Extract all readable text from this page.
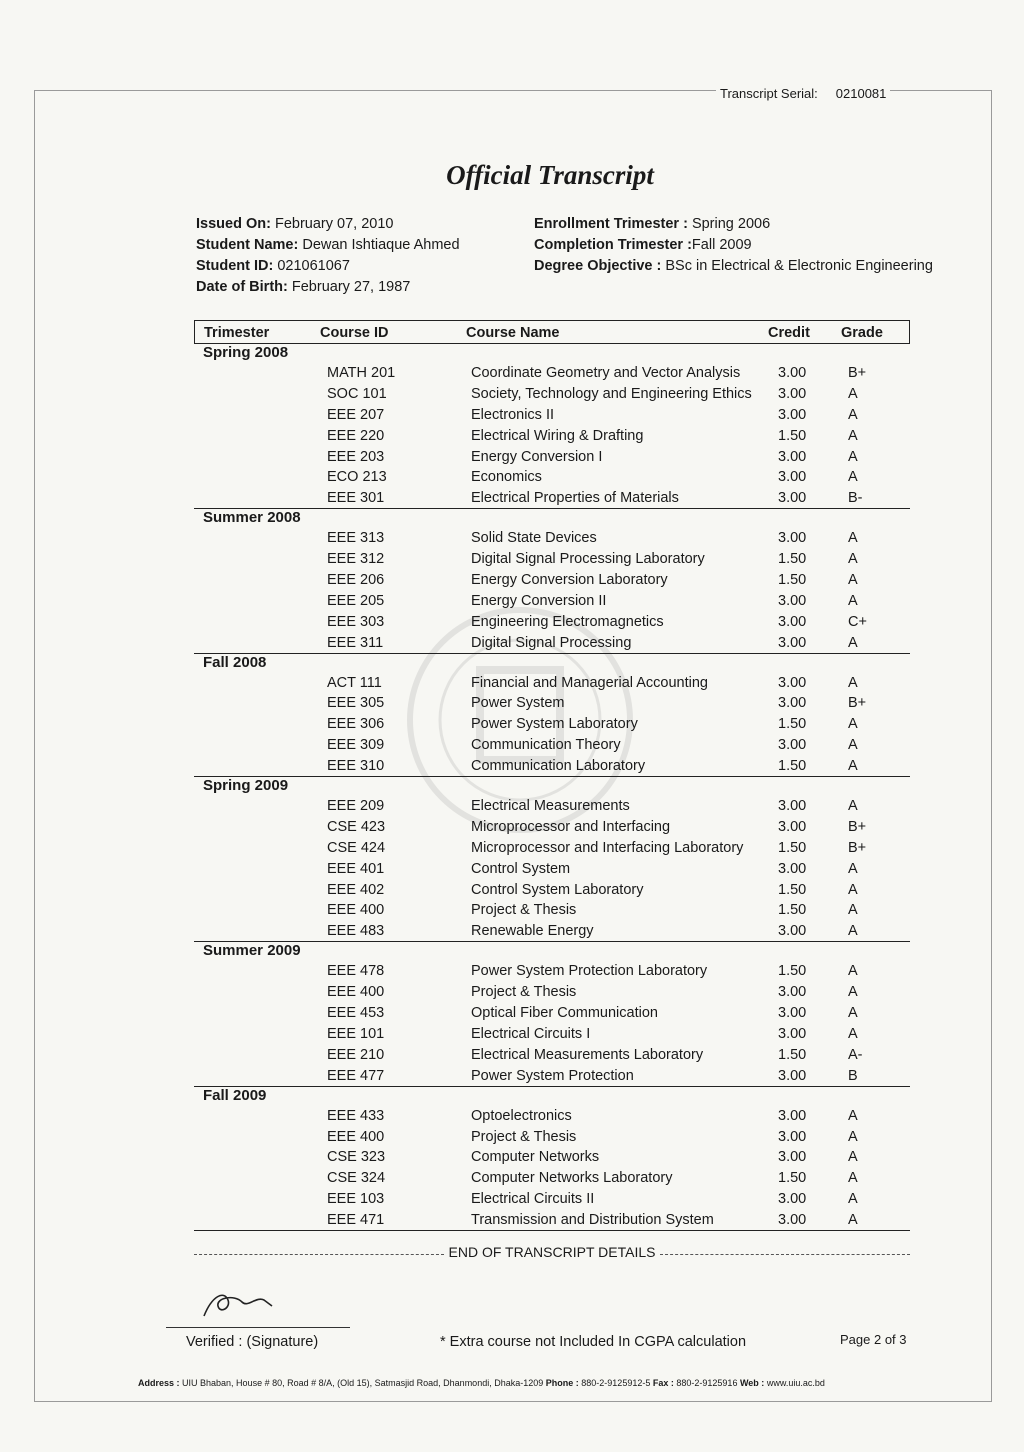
Transcript Serial: 0210081
Official Transcript
Issued On: February 07, 2010
Student Name: Dewan Ishtiaque Ahmed
Student ID: 021061067
Date of Birth: February 27, 1987
Enrollment Trimester : Spring 2006
Completion Trimester :Fall 2009
Degree Objective : BSc in Electrical & Electronic Engineering
Trimester	Course ID	Course Name	Credit Grade
Spring 2008
MATH 201	Coordinate Geometry and Vector Analysis	3.00	B+
SOC 101	Society, Technology and Engineering Ethics 3.00	A
EEE 207	Electronics II	3.00	A
EEE 220	Electrical Wiring & Drafting	1.50	A
EEE 203	Energy Conversion I	3.00	A
ECO 213	Economics	3.00	A
EEE 301	Electrical Properties of Materials	3.00	B-
Summer 2008
EEE 313	Solid State Devices	3.00	A
EEE 312	Digital Signal Processing Laboratory	1.50	A
EEE 206	Energy Conversion Laboratory	1.50	A
EEE 205	Energy Conversion II	3.00	A
EEE 303	Engineering Electromagnetics	3.00	C+
EEE 311	Digital Signal Processing	3.00	A
Fall 2008
ACT 111	Financial and Managerial Accounting	3.00	A
EEE 305	Power System	3.00	B+
EEE 306	Power System Laboratory	1.50	A
EEE 309	Communication Theory	3.00	A
EEE 310	Communication Laboratory	1.50	A
Spring 2009
EEE 209	Electrical Measurements	3.00	A
CSE 423	Microprocessor and Interfacing	3.00	B+
CSE 424	Microprocessor and Interfacing Laboratory 1.50	B+
EEE 401	Control System	3.00	A
EEE 402	Control System Laboratory	1.50	A
EEE 400	Project & Thesis	1.50	A
EEE 483	Renewable Energy	3.00	A
Summer 2009
EEE 478	Power System Protection Laboratory	1.50	A
EEE 400	Project & Thesis	3.00	A
EEE 453	Optical Fiber Communication	3.00	A
EEE 101	Electrical Circuits I	3.00	A
EEE 210	Electrical Measurements Laboratory	1.50	A-
EEE 477	Power System Protection	3.00	B
Fall 2009
EEE 433	Optoelectronics	3.00	A
EEE 400	Project & Thesis	3.00	A
CSE 323	Computer Networks	3.00	A
CSE 324	Computer Networks Laboratory	1.50	A
EEE 103	Electrical Circuits II	3.00	A
EEE 471	Transmission and Distribution System	3.00	A
END OF TRANSCRIPT DETAILS
Verified : (Signature)	* Extra course not Included In CGPA calculation	Page 2 of 3
Address : UIU Bhaban, House # 80, Road # 8/A, (Old 15), Satmasjid Road, Dhanmondi, Dhaka-1209 Phone : 880-2-9125912-5 Fax : 880-2-9125916 Web : www.uiu.ac.bd
